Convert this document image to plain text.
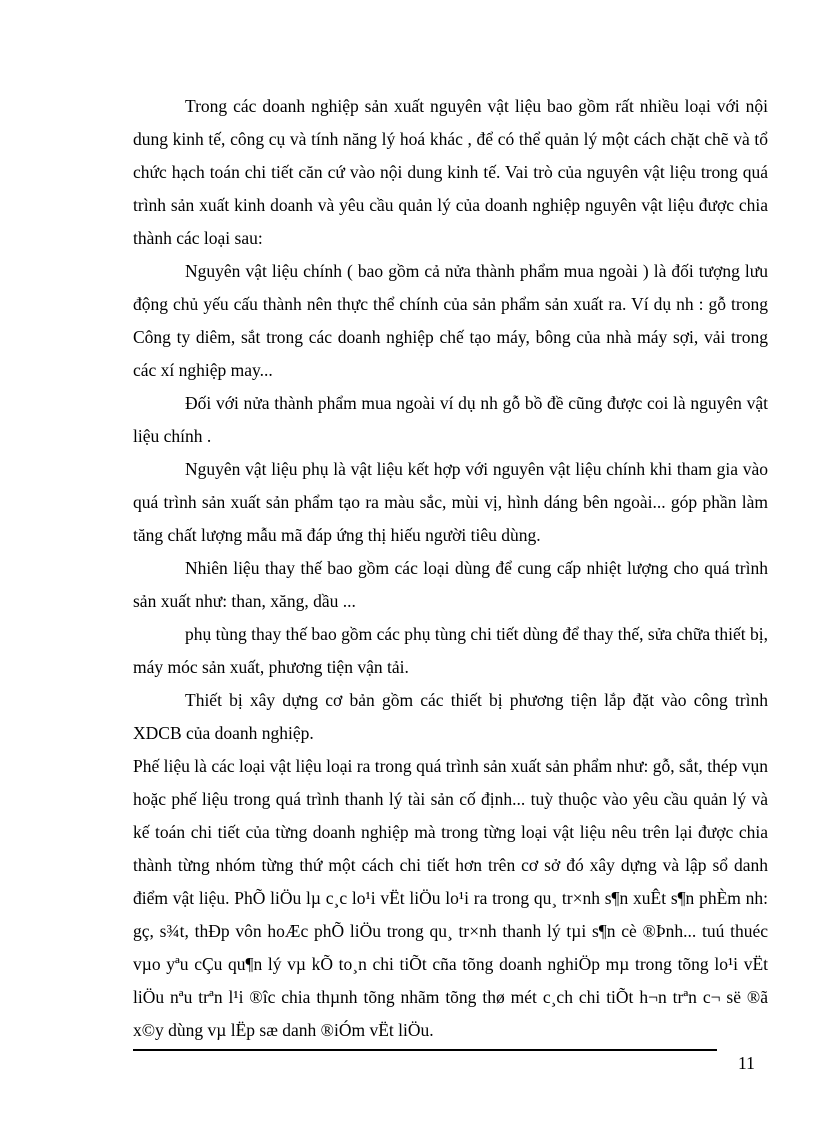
Trong các doanh nghiệp sản xuất nguyên vật liệu bao gồm rất nhiều loại với nội dung kinh tế, công cụ và tính năng lý hoá khác , để có thể quản lý một cách chặt chẽ và tổ chức hạch toán chi tiết căn cứ vào nội dung kinh tế. Vai trò của nguyên vật liệu trong quá trình sản xuất kinh doanh và yêu cầu quản lý của doanh nghiệp nguyên vật liệu được chia thành các loại sau:

Nguyên vật liệu chính ( bao gồm cả nửa thành phẩm mua ngoài ) là đối tượng lưu động chủ yếu cấu thành nên thực thể chính của sản phẩm sản xuất ra. Ví dụ nh : gỗ trong Công ty diêm, sắt trong các doanh nghiệp chế tạo máy, bông của nhà máy sợi, vải trong các xí nghiệp may...

Đối với nửa thành phẩm mua ngoài ví dụ nh gỗ bồ đề cũng được coi là nguyên vật liệu chính .

Nguyên vật liệu phụ là vật liệu kết hợp với nguyên vật liệu chính khi tham gia vào quá trình sản xuất sản phẩm tạo ra màu sắc, mùi vị, hình dáng bên ngoài... góp phần làm tăng chất lượng mẫu mã đáp ứng thị hiếu người tiêu dùng.

Nhiên liệu thay thế bao gồm các loại dùng để cung cấp nhiệt lượng cho quá trình sản xuất như: than, xăng, dầu ...

phụ tùng thay thế bao gồm các phụ tùng chi tiết dùng để thay thế, sửa chữa thiết bị, máy móc sản xuất, phương tiện vận tải.

Thiết bị xây dựng cơ bản gồm các thiết bị phương tiện lắp đặt vào công trình XDCB của doanh nghiệp.

Phế liệu là các loại vật liệu loại ra trong quá trình sản xuất sản phẩm như: gỗ, sắt, thép vụn hoặc phế liệu trong quá trình thanh lý tài sản cố định... tuỳ thuộc vào yêu cầu quản lý và kế toán chi tiết của từng doanh nghiệp mà trong từng loại vật liệu nêu trên lại được chia thành từng nhóm từng thứ một cách chi tiết hơn trên cơ sở đó xây dựng và lập sổ danh điểm vật liệu. PhÕ liÖu lµ c¸c lo¹i vËt liÖu lo¹i ra trong qu¸ tr×nh s¶n xuÊt s¶n phÈm nh: gç, s¾t, thÐp vôn hoÆc phÕ liÖu trong qu¸ tr×nh thanh lý tµi s¶n cè ®Þnh... tuú thuéc vµo yªu cÇu qu¶n lý vµ kÕ to¸n chi tiÕt cña tõng doanh nghiÖp mµ trong tõng lo¹i vËt liÖu nªu trªn l¹i ®îc chia thµnh tõng nhãm tõng thø mét c¸ch chi tiÕt h¬n trªn c¬ së ®ã x©y dùng vµ lËp sæ danh ®iÓm vËt liÖu.

11
